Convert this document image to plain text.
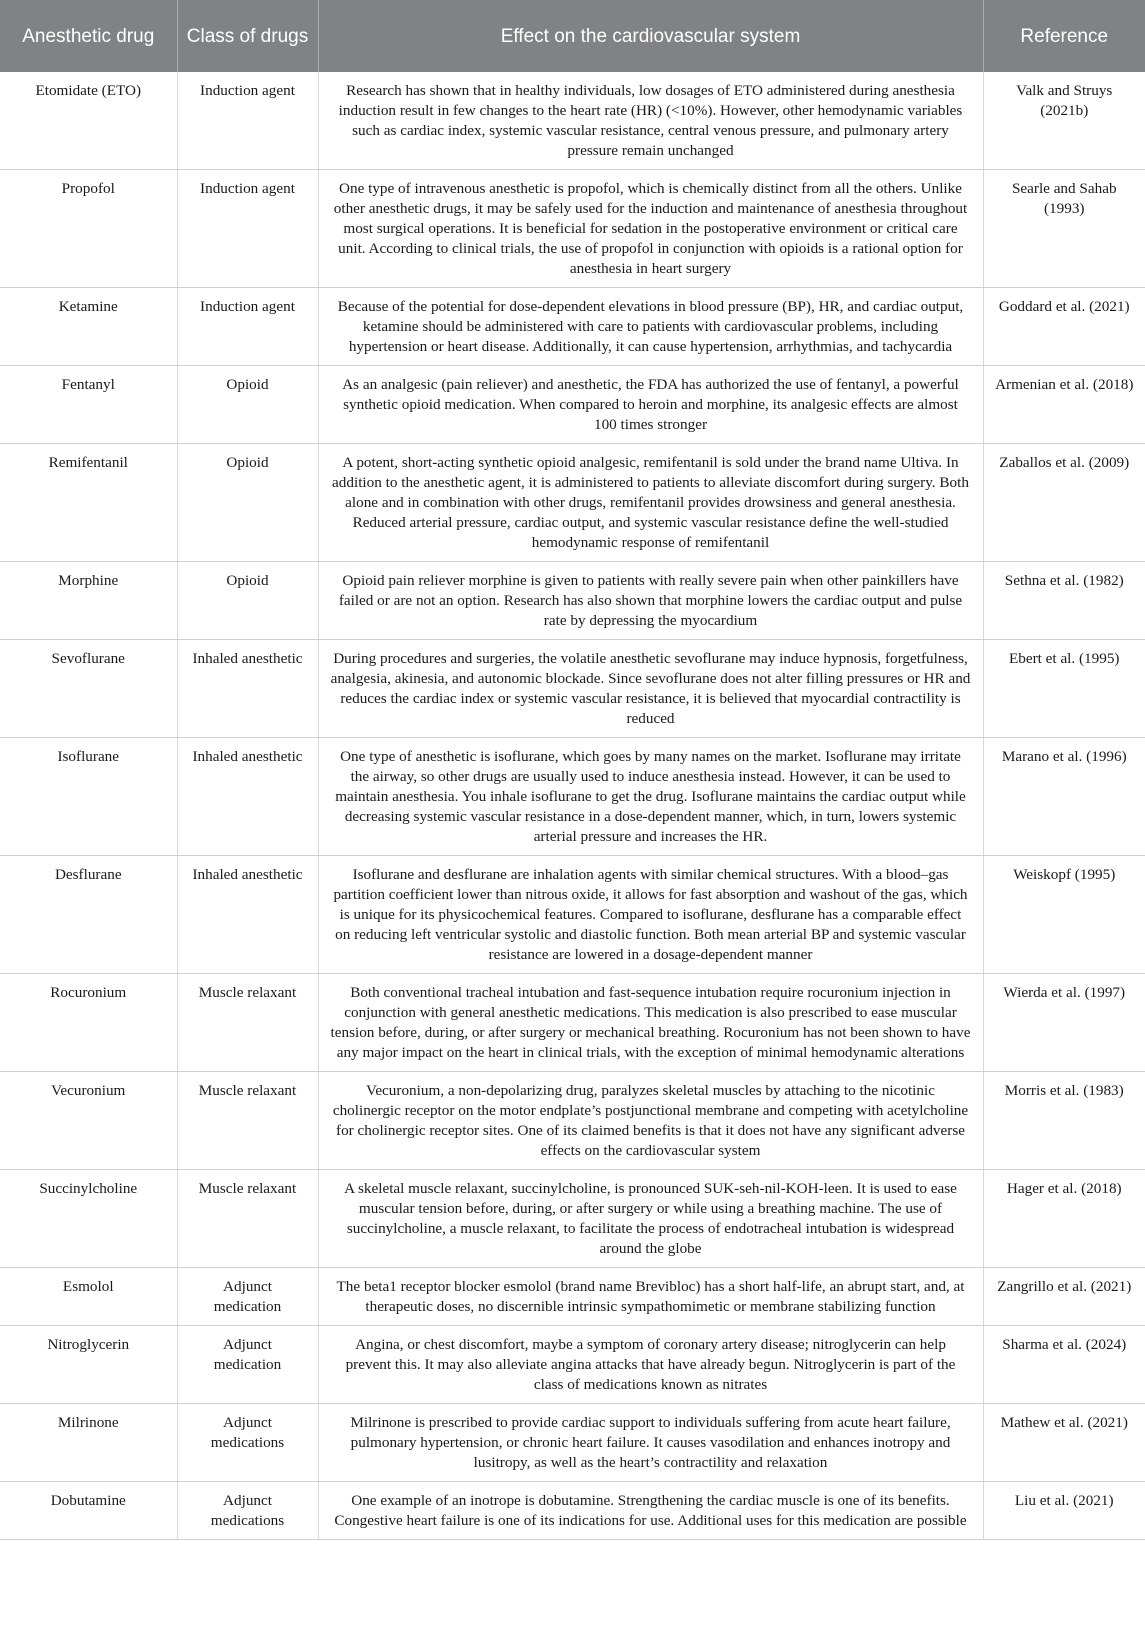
Anesthetic drug	Class of drugs	Effect on the cardiovascular system	Reference
Etomidate (ETO)	Induction agent	Research has shown that in healthy individuals, low dosages of ETO administered during anesthesia induction result in few changes to the heart rate (HR) (<10%). However, other hemodynamic variables such as cardiac index, systemic vascular resistance, central venous pressure, and pulmonary artery pressure remain unchanged	Valk and Struys (2021b)
Propofol	Induction agent	One type of intravenous anesthetic is propofol, which is chemically distinct from all the others. Unlike other anesthetic drugs, it may be safely used for the induction and maintenance of anesthesia throughout most surgical operations. It is beneficial for sedation in the postoperative environment or critical care unit. According to clinical trials, the use of propofol in conjunction with opioids is a rational option for anesthesia in heart surgery	Searle and Sahab (1993)
Ketamine	Induction agent	Because of the potential for dose-dependent elevations in blood pressure (BP), HR, and cardiac output, ketamine should be administered with care to patients with cardiovascular problems, including hypertension or heart disease. Additionally, it can cause hypertension, arrhythmias, and tachycardia	Goddard et al. (2021)
Fentanyl	Opioid	As an analgesic (pain reliever) and anesthetic, the FDA has authorized the use of fentanyl, a powerful synthetic opioid medication. When compared to heroin and morphine, its analgesic effects are almost 100 times stronger	Armenian et al. (2018)
Remifentanil	Opioid	A potent, short-acting synthetic opioid analgesic, remifentanil is sold under the brand name Ultiva. In addition to the anesthetic agent, it is administered to patients to alleviate discomfort during surgery. Both alone and in combination with other drugs, remifentanil provides drowsiness and general anesthesia. Reduced arterial pressure, cardiac output, and systemic vascular resistance define the well-studied hemodynamic response of remifentanil	Zaballos et al. (2009)
Morphine	Opioid	Opioid pain reliever morphine is given to patients with really severe pain when other painkillers have failed or are not an option. Research has also shown that morphine lowers the cardiac output and pulse rate by depressing the myocardium	Sethna et al. (1982)
Sevoflurane	Inhaled anesthetic	During procedures and surgeries, the volatile anesthetic sevoflurane may induce hypnosis, forgetfulness, analgesia, akinesia, and autonomic blockade. Since sevoflurane does not alter filling pressures or HR and reduces the cardiac index or systemic vascular resistance, it is believed that myocardial contractility is reduced	Ebert et al. (1995)
Isoflurane	Inhaled anesthetic	One type of anesthetic is isoflurane, which goes by many names on the market. Isoflurane may irritate the airway, so other drugs are usually used to induce anesthesia instead. However, it can be used to maintain anesthesia. You inhale isoflurane to get the drug. Isoflurane maintains the cardiac output while decreasing systemic vascular resistance in a dose-dependent manner, which, in turn, lowers systemic arterial pressure and increases the HR.	Marano et al. (1996)
Desflurane	Inhaled anesthetic	Isoflurane and desflurane are inhalation agents with similar chemical structures. With a blood–gas partition coefficient lower than nitrous oxide, it allows for fast absorption and washout of the gas, which is unique for its physicochemical features. Compared to isoflurane, desflurane has a comparable effect on reducing left ventricular systolic and diastolic function. Both mean arterial BP and systemic vascular resistance are lowered in a dosage-dependent manner	Weiskopf (1995)
Rocuronium	Muscle relaxant	Both conventional tracheal intubation and fast-sequence intubation require rocuronium injection in conjunction with general anesthetic medications. This medication is also prescribed to ease muscular tension before, during, or after surgery or mechanical breathing. Rocuronium has not been shown to have any major impact on the heart in clinical trials, with the exception of minimal hemodynamic alterations	Wierda et al. (1997)
Vecuronium	Muscle relaxant	Vecuronium, a non-depolarizing drug, paralyzes skeletal muscles by attaching to the nicotinic cholinergic receptor on the motor endplate’s postjunctional membrane and competing with acetylcholine for cholinergic receptor sites. One of its claimed benefits is that it does not have any significant adverse effects on the cardiovascular system	Morris et al. (1983)
Succinylcholine	Muscle relaxant	A skeletal muscle relaxant, succinylcholine, is pronounced SUK-seh-nil-KOH-leen. It is used to ease muscular tension before, during, or after surgery or while using a breathing machine. The use of succinylcholine, a muscle relaxant, to facilitate the process of endotracheal intubation is widespread around the globe	Hager et al. (2018)
Esmolol	Adjunct medication	The beta1 receptor blocker esmolol (brand name Brevibloc) has a short half-life, an abrupt start, and, at therapeutic doses, no discernible intrinsic sympathomimetic or membrane stabilizing function	Zangrillo et al. (2021)
Nitroglycerin	Adjunct medication	Angina, or chest discomfort, maybe a symptom of coronary artery disease; nitroglycerin can help prevent this. It may also alleviate angina attacks that have already begun. Nitroglycerin is part of the class of medications known as nitrates	Sharma et al. (2024)
Milrinone	Adjunct medications	Milrinone is prescribed to provide cardiac support to individuals suffering from acute heart failure, pulmonary hypertension, or chronic heart failure. It causes vasodilation and enhances inotropy and lusitropy, as well as the heart’s contractility and relaxation	Mathew et al. (2021)
Dobutamine	Adjunct medications	One example of an inotrope is dobutamine. Strengthening the cardiac muscle is one of its benefits. Congestive heart failure is one of its indications for use. Additional uses for this medication are possible	Liu et al. (2021)
